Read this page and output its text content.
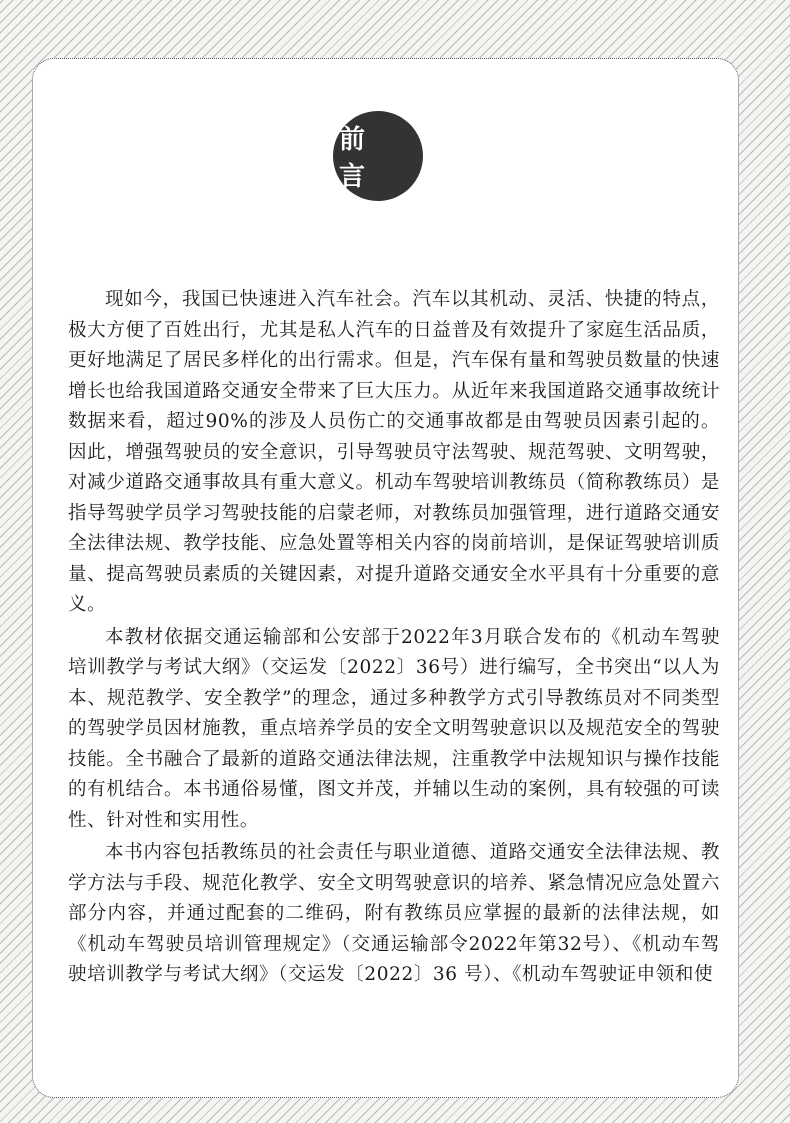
前 言

现如今，我国已快速进入汽车社会。汽车以其机动、灵活、快捷的特点，极大方便了百姓出行，尤其是私人汽车的日益普及有效提升了家庭生活品质，更好地满足了居民多样化的出行需求。但是，汽车保有量和驾驶员数量的快速增长也给我国道路交通安全带来了巨大压力。从近年来我国道路交通事故统计数据来看，超过90%的涉及人员伤亡的交通事故都是由驾驶员因素引起的。因此，增强驾驶员的安全意识，引导驾驶员守法驾驶、规范驾驶、文明驾驶，对减少道路交通事故具有重大意义。机动车驾驶培训教练员（简称教练员）是指导驾驶学员学习驾驶技能的启蒙老师，对教练员加强管理，进行道路交通安全法律法规、教学技能、应急处置等相关内容的岗前培训，是保证驾驶培训质量、提高驾驶员素质的关键因素，对提升道路交通安全水平具有十分重要的意义。

本教材依据交通运输部和公安部于2022年3月联合发布的《机动车驾驶培训教学与考试大纲》（交运发〔2022〕36号）进行编写，全书突出“以人为本、规范教学、安全教学”的理念，通过多种教学方式引导教练员对不同类型的驾驶学员因材施教，重点培养学员的安全文明驾驶意识以及规范安全的驾驶技能。全书融合了最新的道路交通法律法规，注重教学中法规知识与操作技能的有机结合。本书通俗易懂，图文并茂，并辅以生动的案例，具有较强的可读性、针对性和实用性。

本书内容包括教练员的社会责任与职业道德、道路交通安全法律法规、教学方法与手段、规范化教学、安全文明驾驶意识的培养、紧急情况应急处置六部分内容，并通过配套的二维码，附有教练员应掌握的最新的法律法规，如《机动车驾驶员培训管理规定》（交通运输部令2022年第32号）、《机动车驾驶培训教学与考试大纲》（交运发〔2022〕36 号）、《机动车驾驶证申领和使
